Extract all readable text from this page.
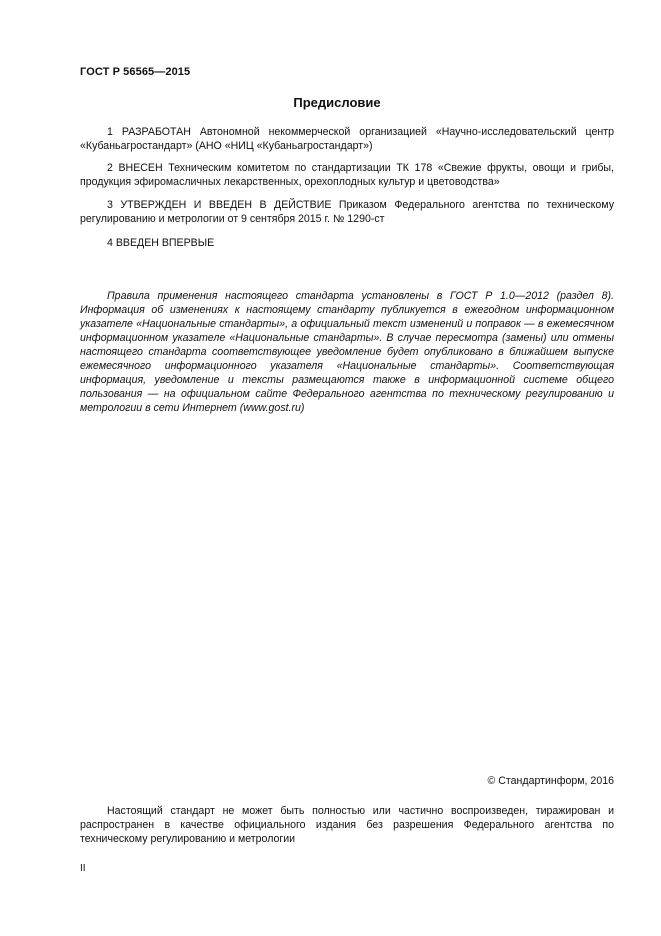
ГОСТ Р 56565—2015
Предисловие
1 РАЗРАБОТАН Автономной некоммерческой организацией «Научно-исследовательский центр «Кубаньагростандарт» (АНО «НИЦ «Кубаньагростандарт»)
2 ВНЕСЕН Техническим комитетом по стандартизации ТК 178 «Свежие фрукты, овощи и грибы, продукция эфиромасличных лекарственных, орехоплодных культур и цветоводства»
3 УТВЕРЖДЕН И ВВЕДЕН В ДЕЙСТВИЕ Приказом Федерального агентства по техническому регулированию и метрологии от 9 сентября 2015 г. № 1290-ст
4 ВВЕДЕН ВПЕРВЫЕ
Правила применения настоящего стандарта установлены в ГОСТ Р 1.0—2012 (раздел 8). Информация об изменениях к настоящему стандарту публикуется в ежегодном информационном указателе «Национальные стандарты», а официальный текст изменений и поправок — в ежемесячном информационном указателе «Национальные стандарты». В случае пересмотра (замены) или отмены настоящего стандарта соответствующее уведомление будет опубликовано в ближайшем выпуске ежемесячного информационного указателя «Национальные стандарты». Соответствующая информация, уведомление и тексты размещаются также в информационной системе общего пользования — на официальном сайте Федерального агентства по техническому регулированию и метрологии в сети Интернет (www.gost.ru)
© Стандартинформ, 2016
Настоящий стандарт не может быть полностью или частично воспроизведен, тиражирован и распространен в качестве официального издания без разрешения Федерального агентства по техническому регулированию и метрологии
II
